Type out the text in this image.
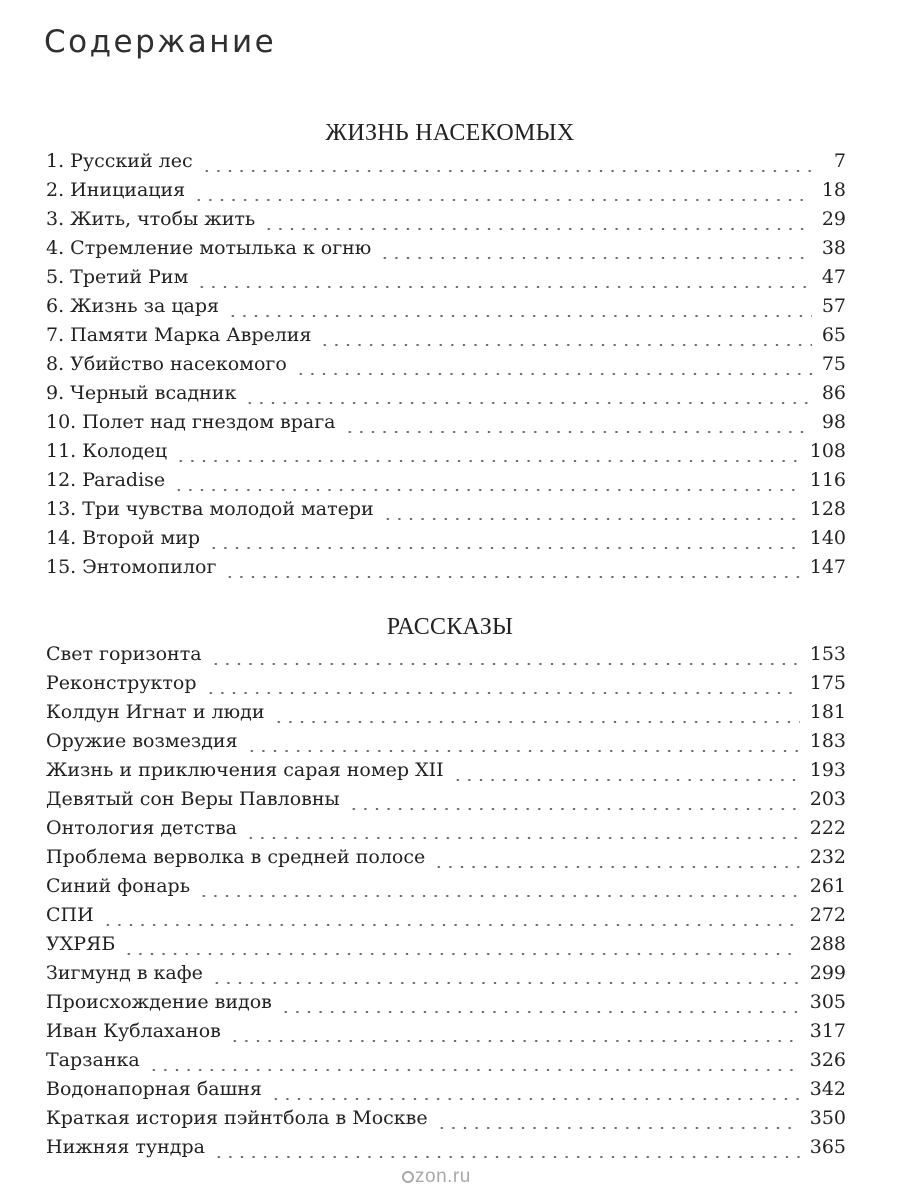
Содержание
ЖИЗНЬ НАСЕКОМЫХ
1. Русский лес	7
2. Инициация	18
3. Жить, чтобы жить	29
4. Стремление мотылька к огню	38
5. Третий Рим	47
6. Жизнь за царя	57
7. Памяти Марка Аврелия	65
8. Убийство насекомого	75
9. Черный всадник	86
10. Полет над гнездом врага	98
11. Колодец	108
12. Paradise	116
13. Три чувства молодой матери	128
14. Второй мир	140
15. Энтомопилог	147
РАССКАЗЫ
Свет горизонта	153
Реконструктор	175
Колдун Игнат и люди	181
Оружие возмездия	183
Жизнь и приключения сарая номер XII	193
Девятый сон Веры Павловны	203
Онтология детства	222
Проблема верволка в средней полосе	232
Синий фонарь	261
СПИ	272
УХРЯБ	288
Зигмунд в кафе	299
Происхождение видов	305
Иван Кублаханов	317
Тарзанка	326
Водонапорная башня	342
Краткая история пэйнтбола в Москве	350
Нижняя тундра	365
zon.ru
